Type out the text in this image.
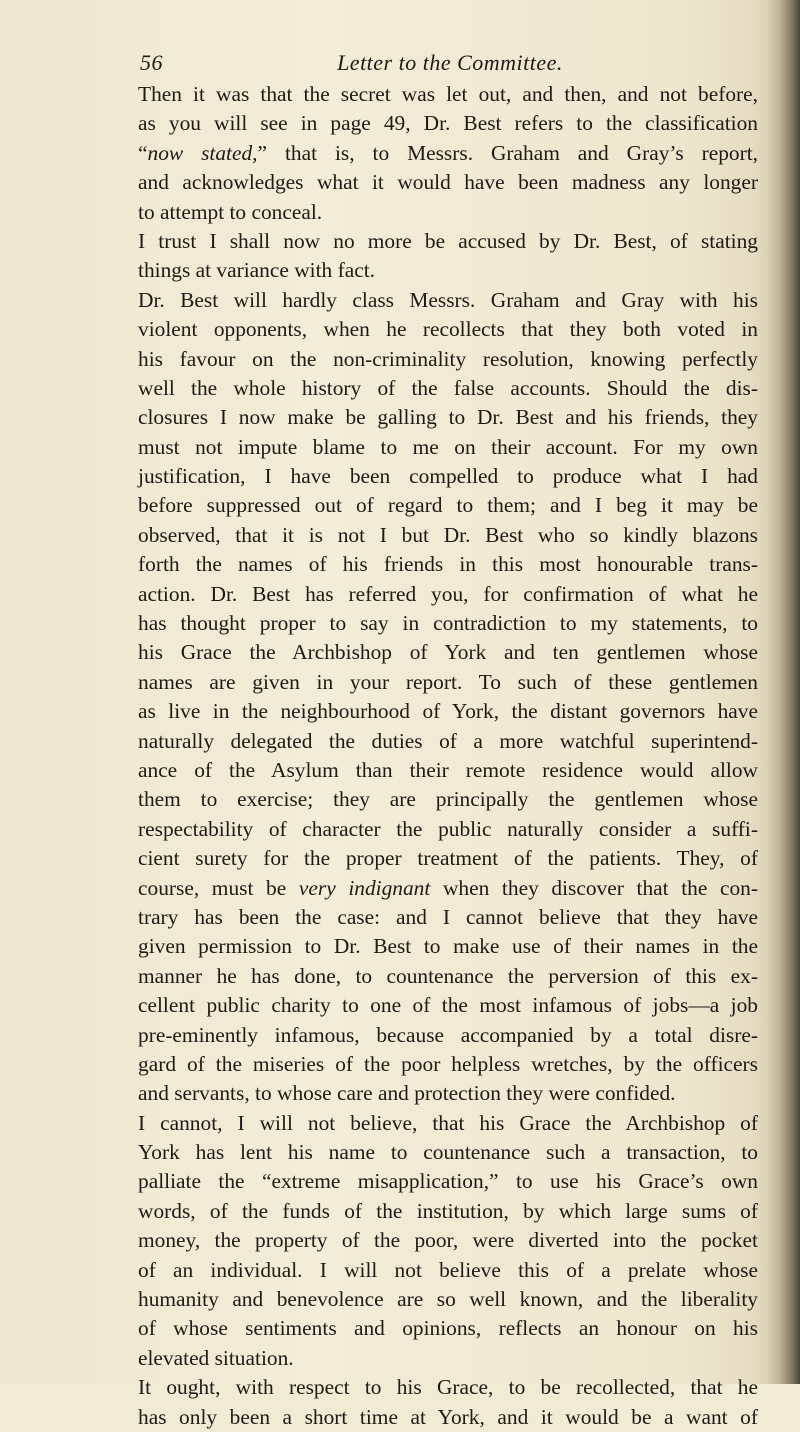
56	Letter to the Committee.
Then it was that the secret was let out, and then, and not before,
as you will see in page 49, Dr. Best refers to the classification
“now stated,” that is, to Messrs. Graham and Gray’s report,
and acknowledges what it would have been madness any longer
to attempt to conceal.
I trust I shall now no more be accused by Dr. Best, of stating
things at variance with fact.
Dr. Best will hardly class Messrs. Graham and Gray with his
violent opponents, when he recollects that they both voted in
his favour on the non-criminality resolution, knowing perfectly
well the whole history of the false accounts. Should the dis-
closures I now make be galling to Dr. Best and his friends, they
must not impute blame to me on their account. For my own
justification, I have been compelled to produce what I had
before suppressed out of regard to them; and I beg it may be
observed, that it is not I but Dr. Best who so kindly blazons
forth the names of his friends in this most honourable trans-
action. Dr. Best has referred you, for confirmation of what he
has thought proper to say in contradiction to my statements, to
his Grace the Archbishop of York and ten gentlemen whose
names are given in your report. To such of these gentlemen
as live in the neighbourhood of York, the distant governors have
naturally delegated the duties of a more watchful superintend-
ance of the Asylum than their remote residence would allow
them to exercise; they are principally the gentlemen whose
respectability of character the public naturally consider a suffi-
cient surety for the proper treatment of the patients. They, of
course, must be very indignant when they discover that the con-
trary has been the case: and I cannot believe that they have
given permission to Dr. Best to make use of their names in the
manner he has done, to countenance the perversion of this ex-
cellent public charity to one of the most infamous of jobs—a job
pre-eminently infamous, because accompanied by a total disre-
gard of the miseries of the poor helpless wretches, by the officers
and servants, to whose care and protection they were confided.
I cannot, I will not believe, that his Grace the Archbishop of
York has lent his name to countenance such a transaction, to
palliate the “extreme misapplication,” to use his Grace’s own
words, of the funds of the institution, by which large sums of
money, the property of the poor, were diverted into the pocket
of an individual. I will not believe this of a prelate whose
humanity and benevolence are so well known, and the liberality
of whose sentiments and opinions, reflects an honour on his
elevated situation.
It ought, with respect to his Grace, to be recollected, that he
has only been a short time at York, and it would be a want of
